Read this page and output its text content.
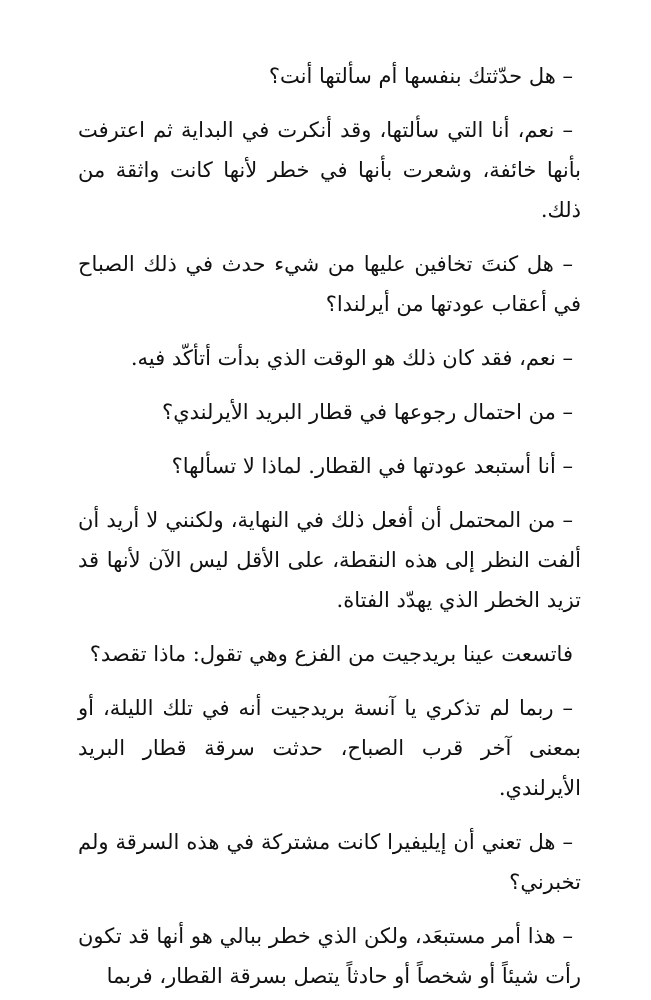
– هل حدّثتك بنفسها أم سألتها أنت؟

– نعم، أنا التي سألتها، وقد أنكرت في البداية ثم اعترفت بأنها خائفة، وشعرت بأنها في خطر لأنها كانت واثقة من ذلك.

– هل كنتَ تخافين عليها من شيء حدث في ذلك الصباح في أعقاب عودتها من أيرلندا؟

– نعم، فقد كان ذلك هو الوقت الذي بدأت أتأكّد فيه.

– من احتمال رجوعها في قطار البريد الأيرلندي؟

– أنا أستبعد عودتها في القطار. لماذا لا تسألها؟

– من المحتمل أن أفعل ذلك في النهاية، ولكنني لا أريد أن ألفت النظر إلى هذه النقطة، على الأقل ليس الآن لأنها قد تزيد الخطر الذي يهدّد الفتاة.

فاتسعت عينا بريدجيت من الفزع وهي تقول: ماذا تقصد؟

– ربما لم تذكري يا آنسة بريدجيت أنه في تلك الليلة، أو بمعنى آخر قرب الصباح، حدثت سرقة قطار البريد الأيرلندي.

– هل تعني أن إيليفيرا كانت مشتركة في هذه السرقة ولم تخبرني؟

– هذا أمر مستبعَد، ولكن الذي خطر ببالي هو أنها قد تكون رأت شيئاً أو شخصاً أو حادثاً يتصل بسرقة القطار، فربما
